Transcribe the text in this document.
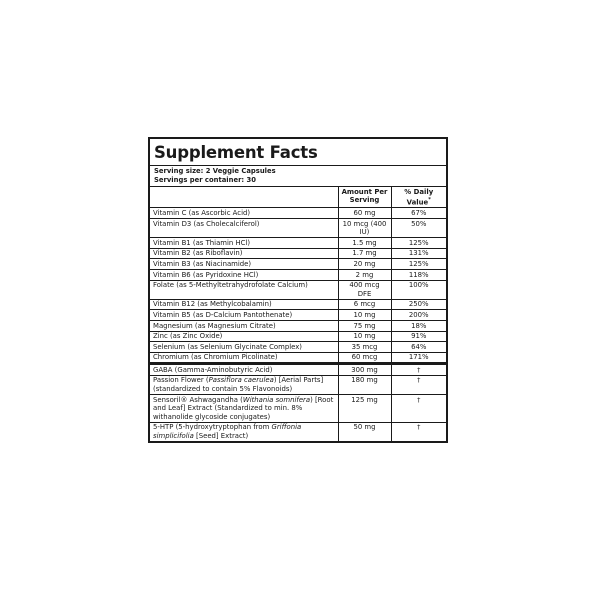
Supplement Facts
Serving size: 2 Veggie Capsules
Servings per container: 30
	Amount Per Serving	% Daily Value*
Vitamin C (as Ascorbic Acid)	60 mg	67%
Vitamin D3 (as Cholecalciferol)	10 mcg (400 IU)	50%
Vitamin B1 (as Thiamin HCl)	1.5 mg	125%
Vitamin B2 (as Riboflavin)	1.7 mg	131%
Vitamin B3 (as Niacinamide)	20 mg	125%
Vitamin B6 (as Pyridoxine HCl)	2 mg	118%
Folate (as 5-Methyltetrahydrofolate Calcium)	400 mcg DFE	100%
Vitamin B12 (as Methylcobalamin)	6 mcg	250%
Vitamin B5 (as D-Calcium Pantothenate)	10 mg	200%
Magnesium (as Magnesium Citrate)	75 mg	18%
Zinc (as Zinc Oxide)	10 mg	91%
Selenium (as Selenium Glycinate Complex)	35 mcg	64%
Chromium (as Chromium Picolinate)	60 mcg	171%
GABA (Gamma-Aminobutyric Acid)	300 mg	†
Passion Flower (Passiflora caerulea) [Aerial Parts] (standardized to contain 5% Flavonoids)	180 mg	†
Sensoril® Ashwagandha (Withania somnifera) [Root and Leaf] Extract (Standardized to min. 8% withanolide glycoside conjugates)	125 mg	†
5-HTP (5-hydroxytryptophan from Griffonia simplicifolia [Seed] Extract)	50 mg	†
